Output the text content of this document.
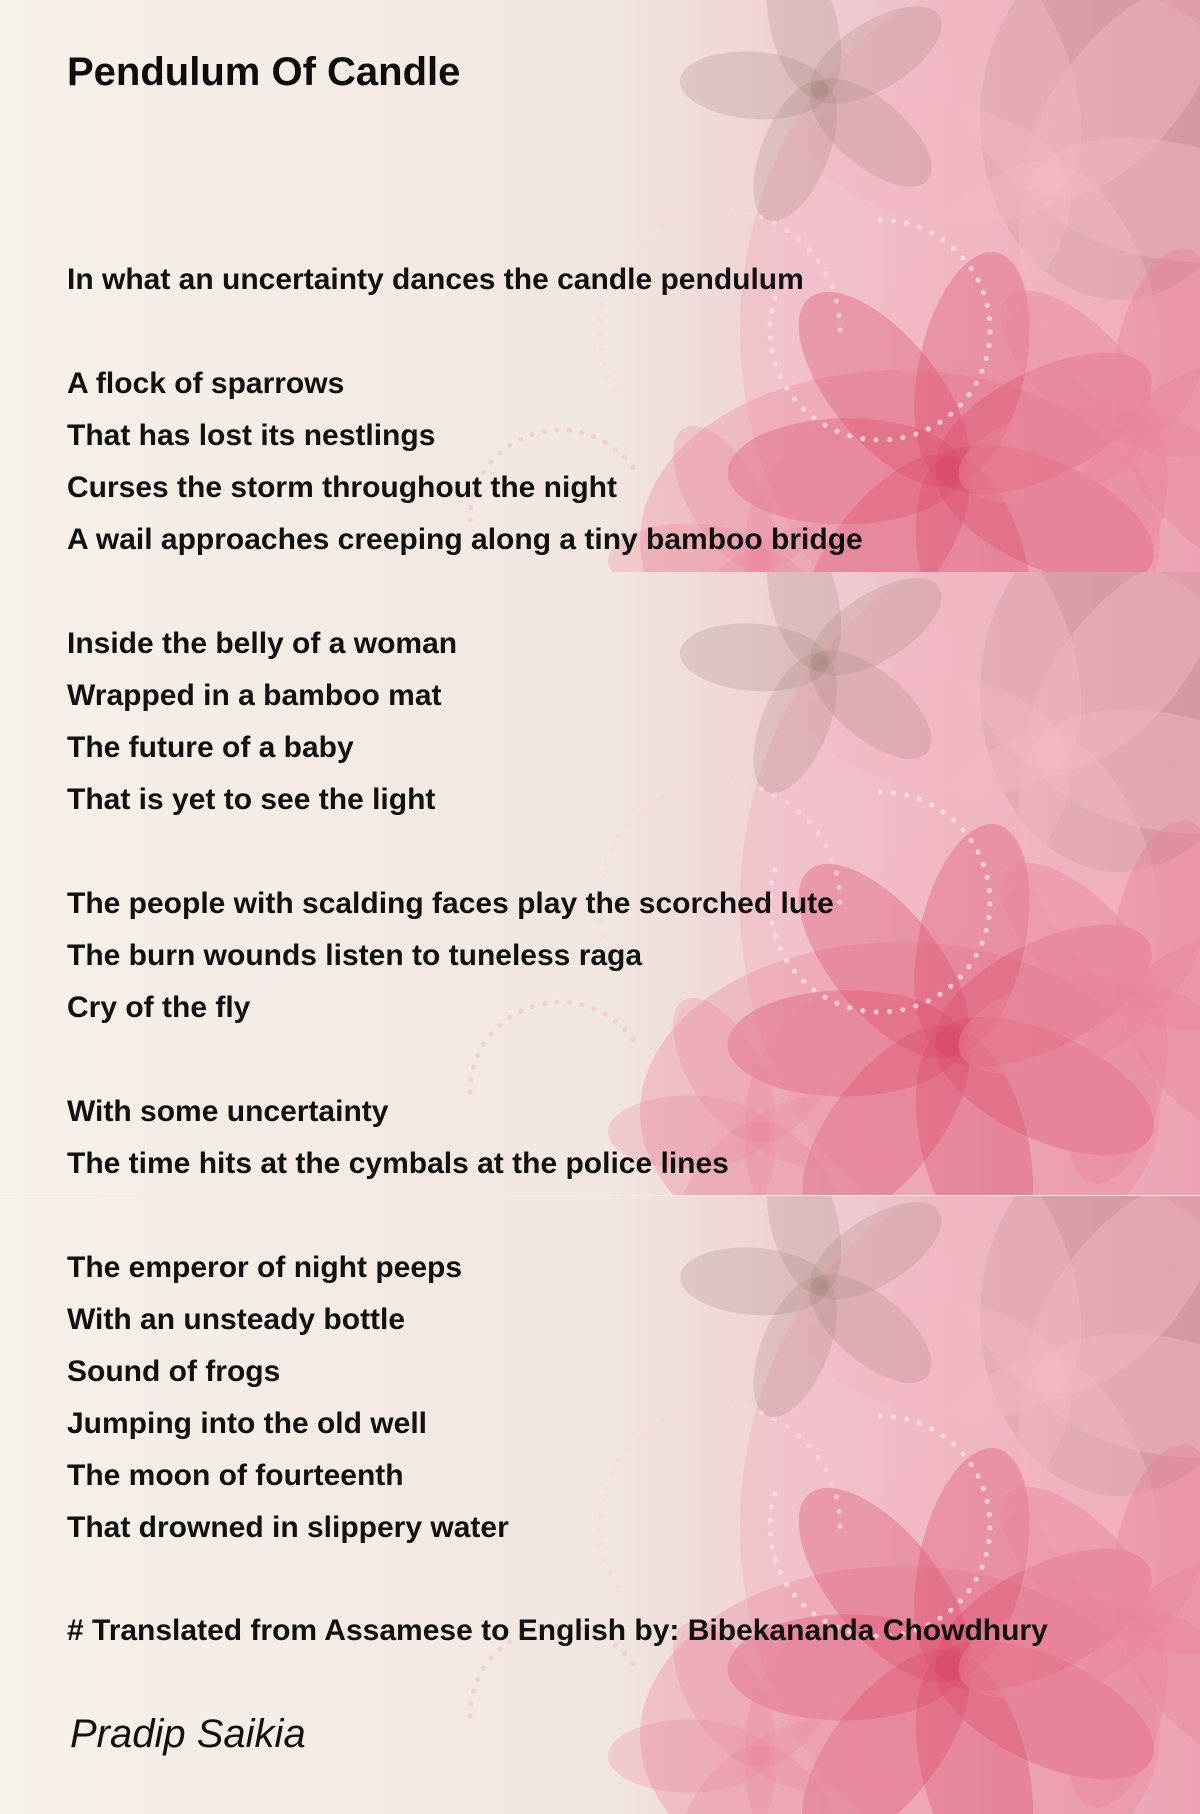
Pendulum Of Candle
In what an uncertainty dances the candle pendulum
A flock of sparrows
That has lost its nestlings
Curses the storm throughout the night
A wail approaches creeping along a tiny bamboo bridge
Inside the belly of a woman
Wrapped in a bamboo mat
The future of a baby
That is yet to see the light
The people with scalding faces play the scorched lute
The burn wounds listen to tuneless raga
Cry of the fly
With some uncertainty
The time hits at the cymbals at the police lines
The emperor of night peeps
With an unsteady bottle
Sound of frogs
Jumping into the old well
The moon of fourteenth
That drowned in slippery water

# Translated from Assamese to English by: Bibekananda Chowdhury

Pradip Saikia
